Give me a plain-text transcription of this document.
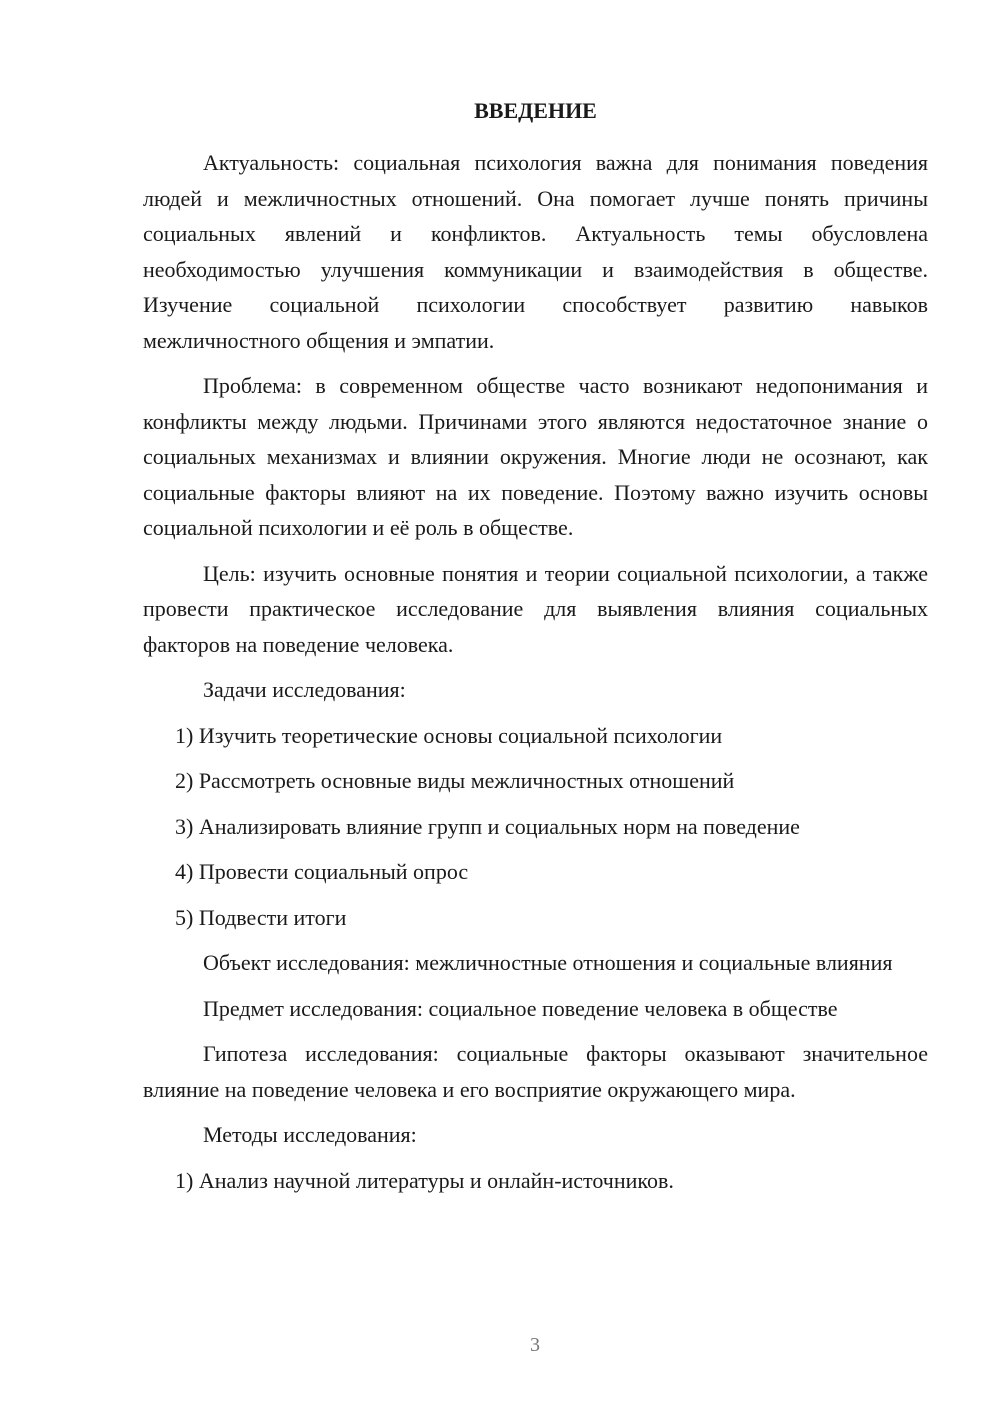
ВВЕДЕНИЕ

Актуальность: социальная психология важна для понимания поведения людей и межличностных отношений. Она помогает лучше понять причины социальных явлений и конфликтов. Актуальность темы обусловлена необходимостью улучшения коммуникации и взаимодействия в обществе. Изучение социальной психологии способствует развитию навыков межличностного общения и эмпатии.

Проблема: в современном обществе часто возникают недопонимания и конфликты между людьми. Причинами этого являются недостаточное знание о социальных механизмах и влиянии окружения. Многие люди не осознают, как социальные факторы влияют на их поведение. Поэтому важно изучить основы социальной психологии и её роль в обществе.

Цель: изучить основные понятия и теории социальной психологии, а также провести практическое исследование для выявления влияния социальных факторов на поведение человека.

Задачи исследования:

1) Изучить теоретические основы социальной психологии

2) Рассмотреть основные виды межличностных отношений

3) Анализировать влияние групп и социальных норм на поведение

4) Провести социальный опрос

5) Подвести итоги

Объект исследования: межличностные отношения и социальные влияния

Предмет исследования: социальное поведение человека в обществе

Гипотеза исследования: социальные факторы оказывают значительное влияние на поведение человека и его восприятие окружающего мира.

Методы исследования:

1) Анализ научной литературы и онлайн-источников.

3
